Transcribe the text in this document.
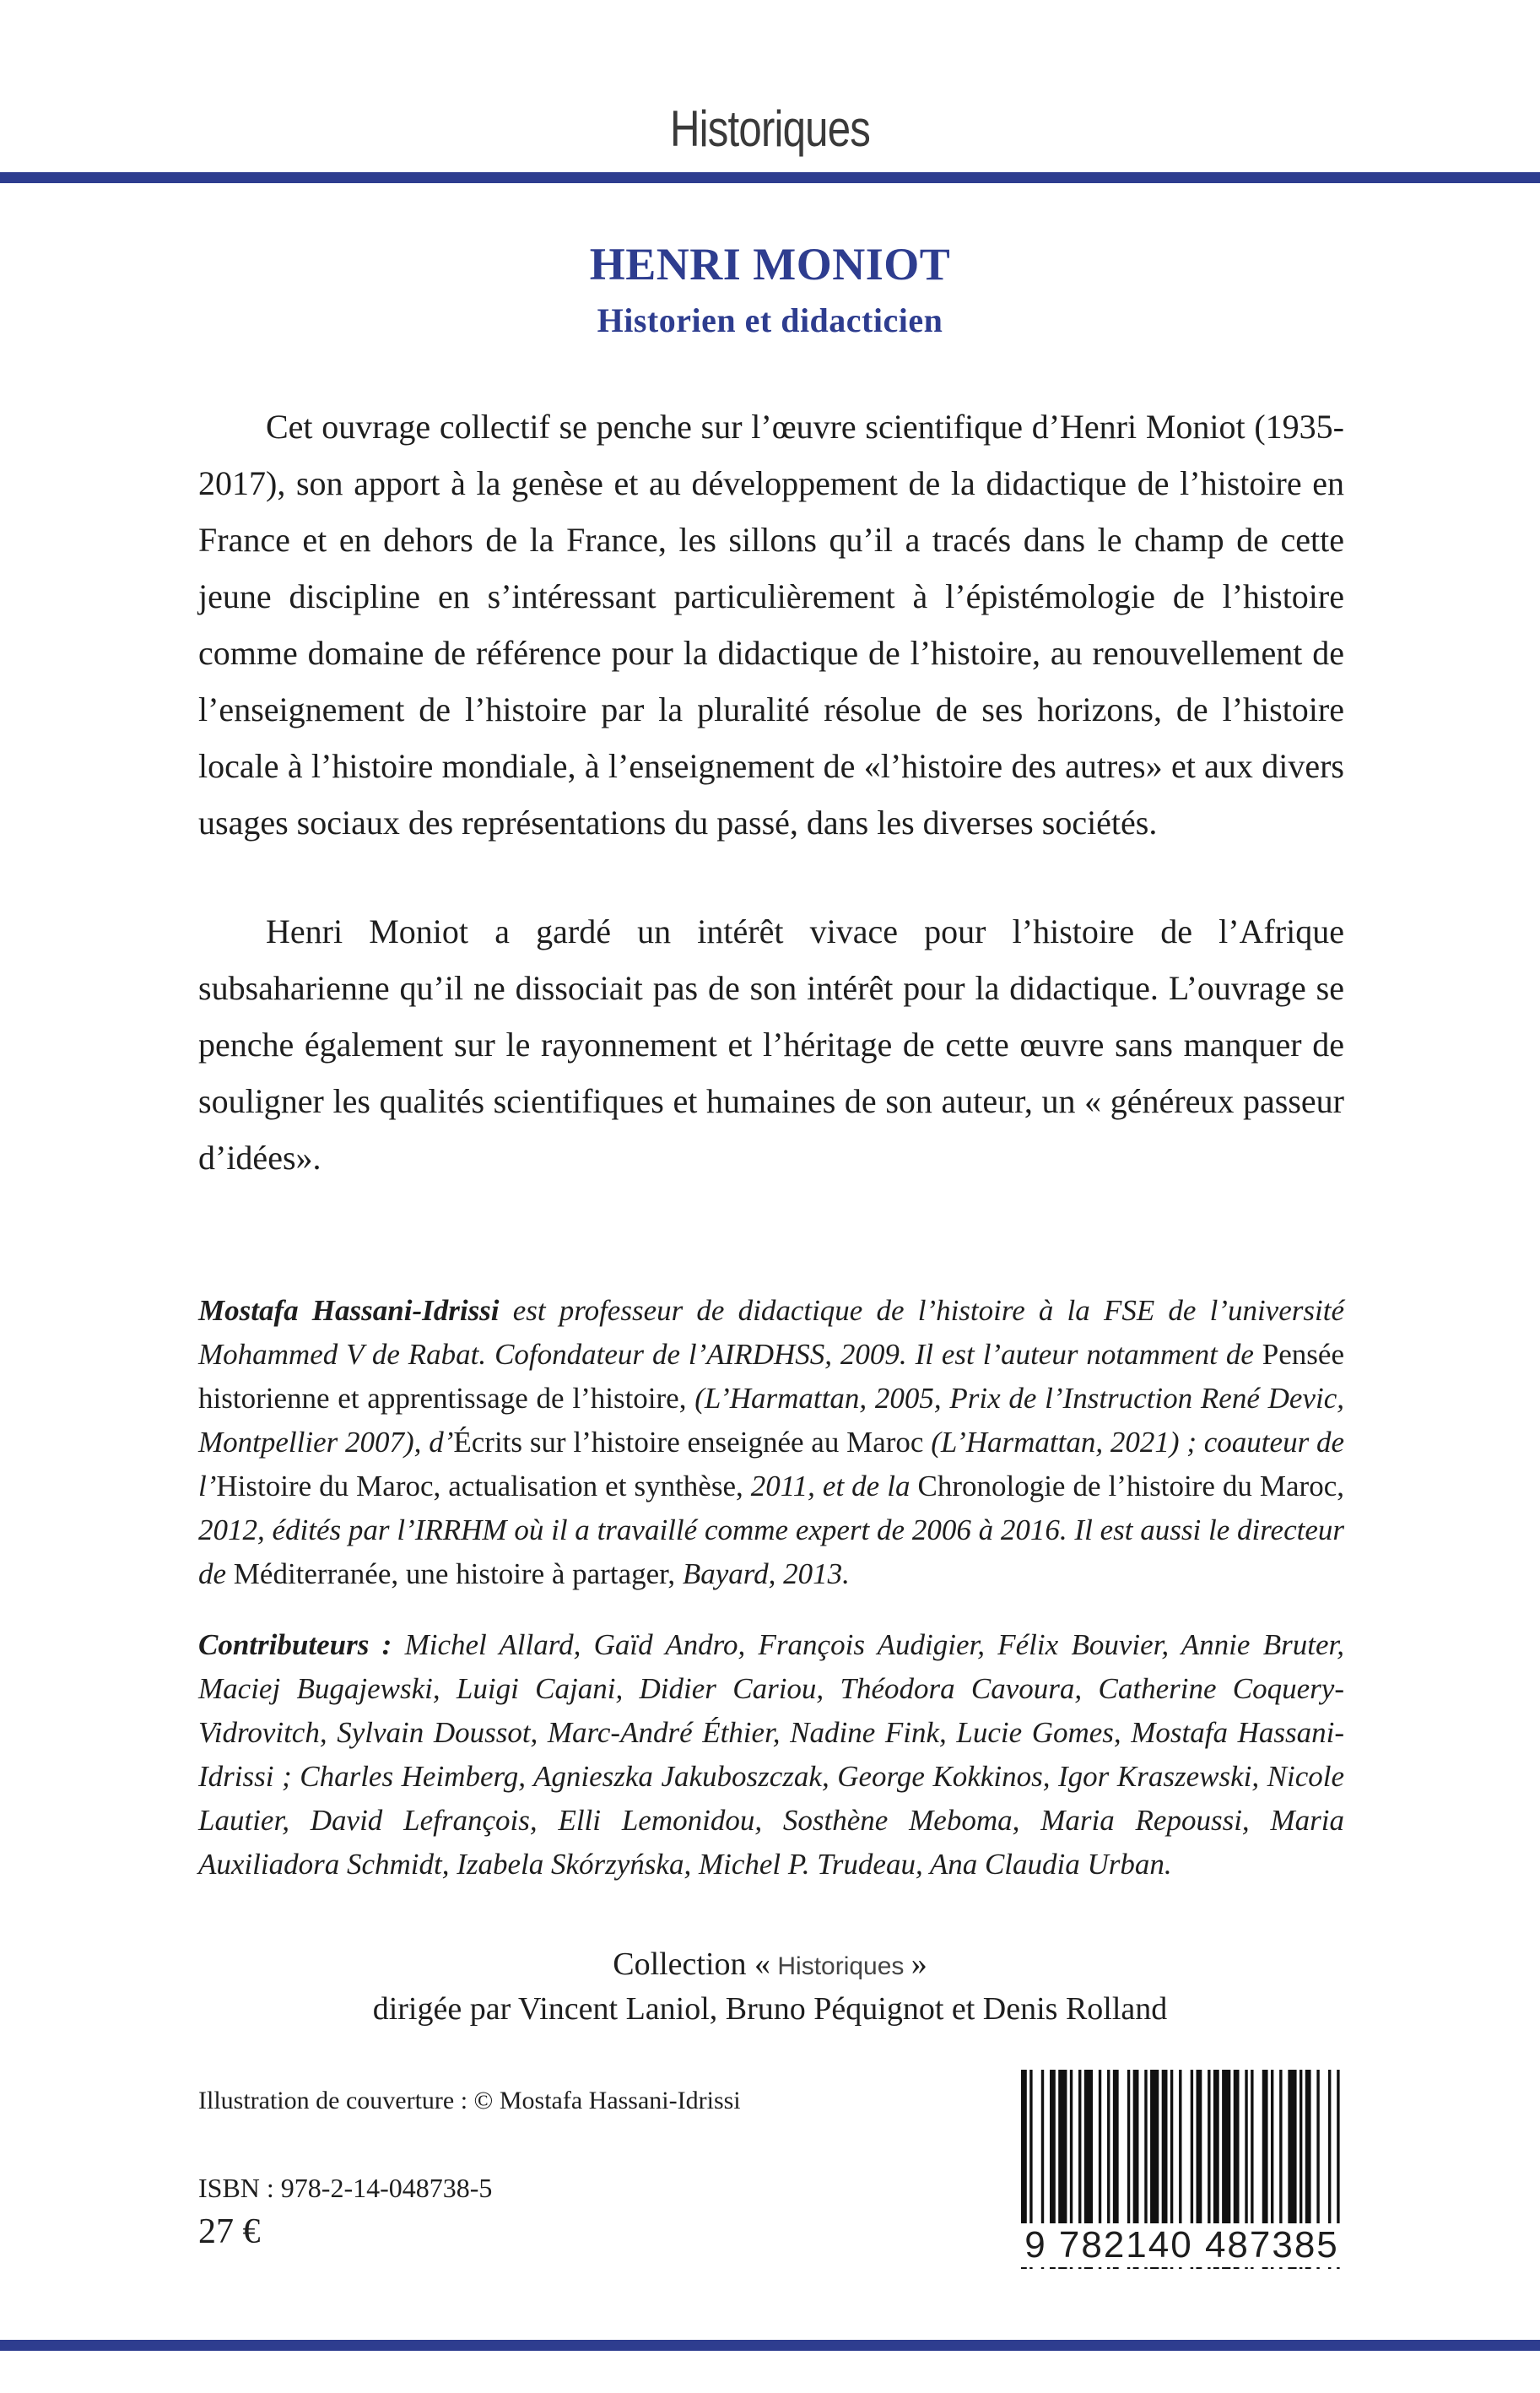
Historiques
HENRI MONIOT
Historien et didacticien

Cet ouvrage collectif se penche sur l’œuvre scientifique d’Henri Moniot (1935-2017), son apport à la genèse et au développement de la didactique de l’histoire en France et en dehors de la France, les sillons qu’il a tracés dans le champ de cette jeune discipline en s’intéressant particulièrement à l’épistémologie de l’histoire comme domaine de référence pour la didactique de l’histoire, au renouvellement de l’enseignement de l’histoire par la pluralité résolue de ses horizons, de l’histoire locale à l’histoire mondiale, à l’enseignement de «l’histoire des autres» et aux divers usages sociaux des représentations du passé, dans les diverses sociétés.

Henri Moniot a gardé un intérêt vivace pour l’histoire de l’Afrique subsaharienne qu’il ne dissociait pas de son intérêt pour la didactique. L’ouvrage se penche également sur le rayonnement et l’héritage de cette œuvre sans manquer de souligner les qualités scientifiques et humaines de son auteur, un « généreux passeur d’idées».

Mostafa Hassani-Idrissi est professeur de didactique de l’histoire à la FSE de l’université Mohammed V de Rabat. Cofondateur de l’AIRDHSS, 2009. Il est l’auteur notamment de Pensée historienne et apprentissage de l’histoire, (L’Harmattan, 2005, Prix de l’Instruction René Devic, Montpellier 2007), d’Écrits sur l’histoire enseignée au Maroc (L’Harmattan, 2021) ; coauteur de l’Histoire du Maroc, actualisation et synthèse, 2011, et de la Chronologie de l’histoire du Maroc, 2012, édités par l’IRRHM où il a travaillé comme expert de 2006 à 2016. Il est aussi le directeur de Méditerranée, une histoire à partager, Bayard, 2013.

Contributeurs : Michel Allard, Gaïd Andro, François Audigier, Félix Bouvier, Annie Bruter, Maciej Bugajewski, Luigi Cajani, Didier Cariou, Théodora Cavoura, Catherine Coquery-Vidrovitch, Sylvain Doussot, Marc-André Éthier, Nadine Fink, Lucie Gomes, Mostafa Hassani-Idrissi ; Charles Heimberg, Agnieszka Jakuboszczak, George Kokkinos, Igor Kraszewski, Nicole Lautier, David Lefrançois, Elli Lemonidou, Sosthène Meboma, Maria Repoussi, Maria Auxiliadora Schmidt, Izabela Skórzyńska, Michel P. Trudeau, Ana Claudia Urban.

Collection « Historiques »
dirigée par Vincent Laniol, Bruno Péquignot et Denis Rolland
Illustration de couverture : © Mostafa Hassani-Idrissi
ISBN : 978-2-14-048738-5
27 €	9 782140 487385
